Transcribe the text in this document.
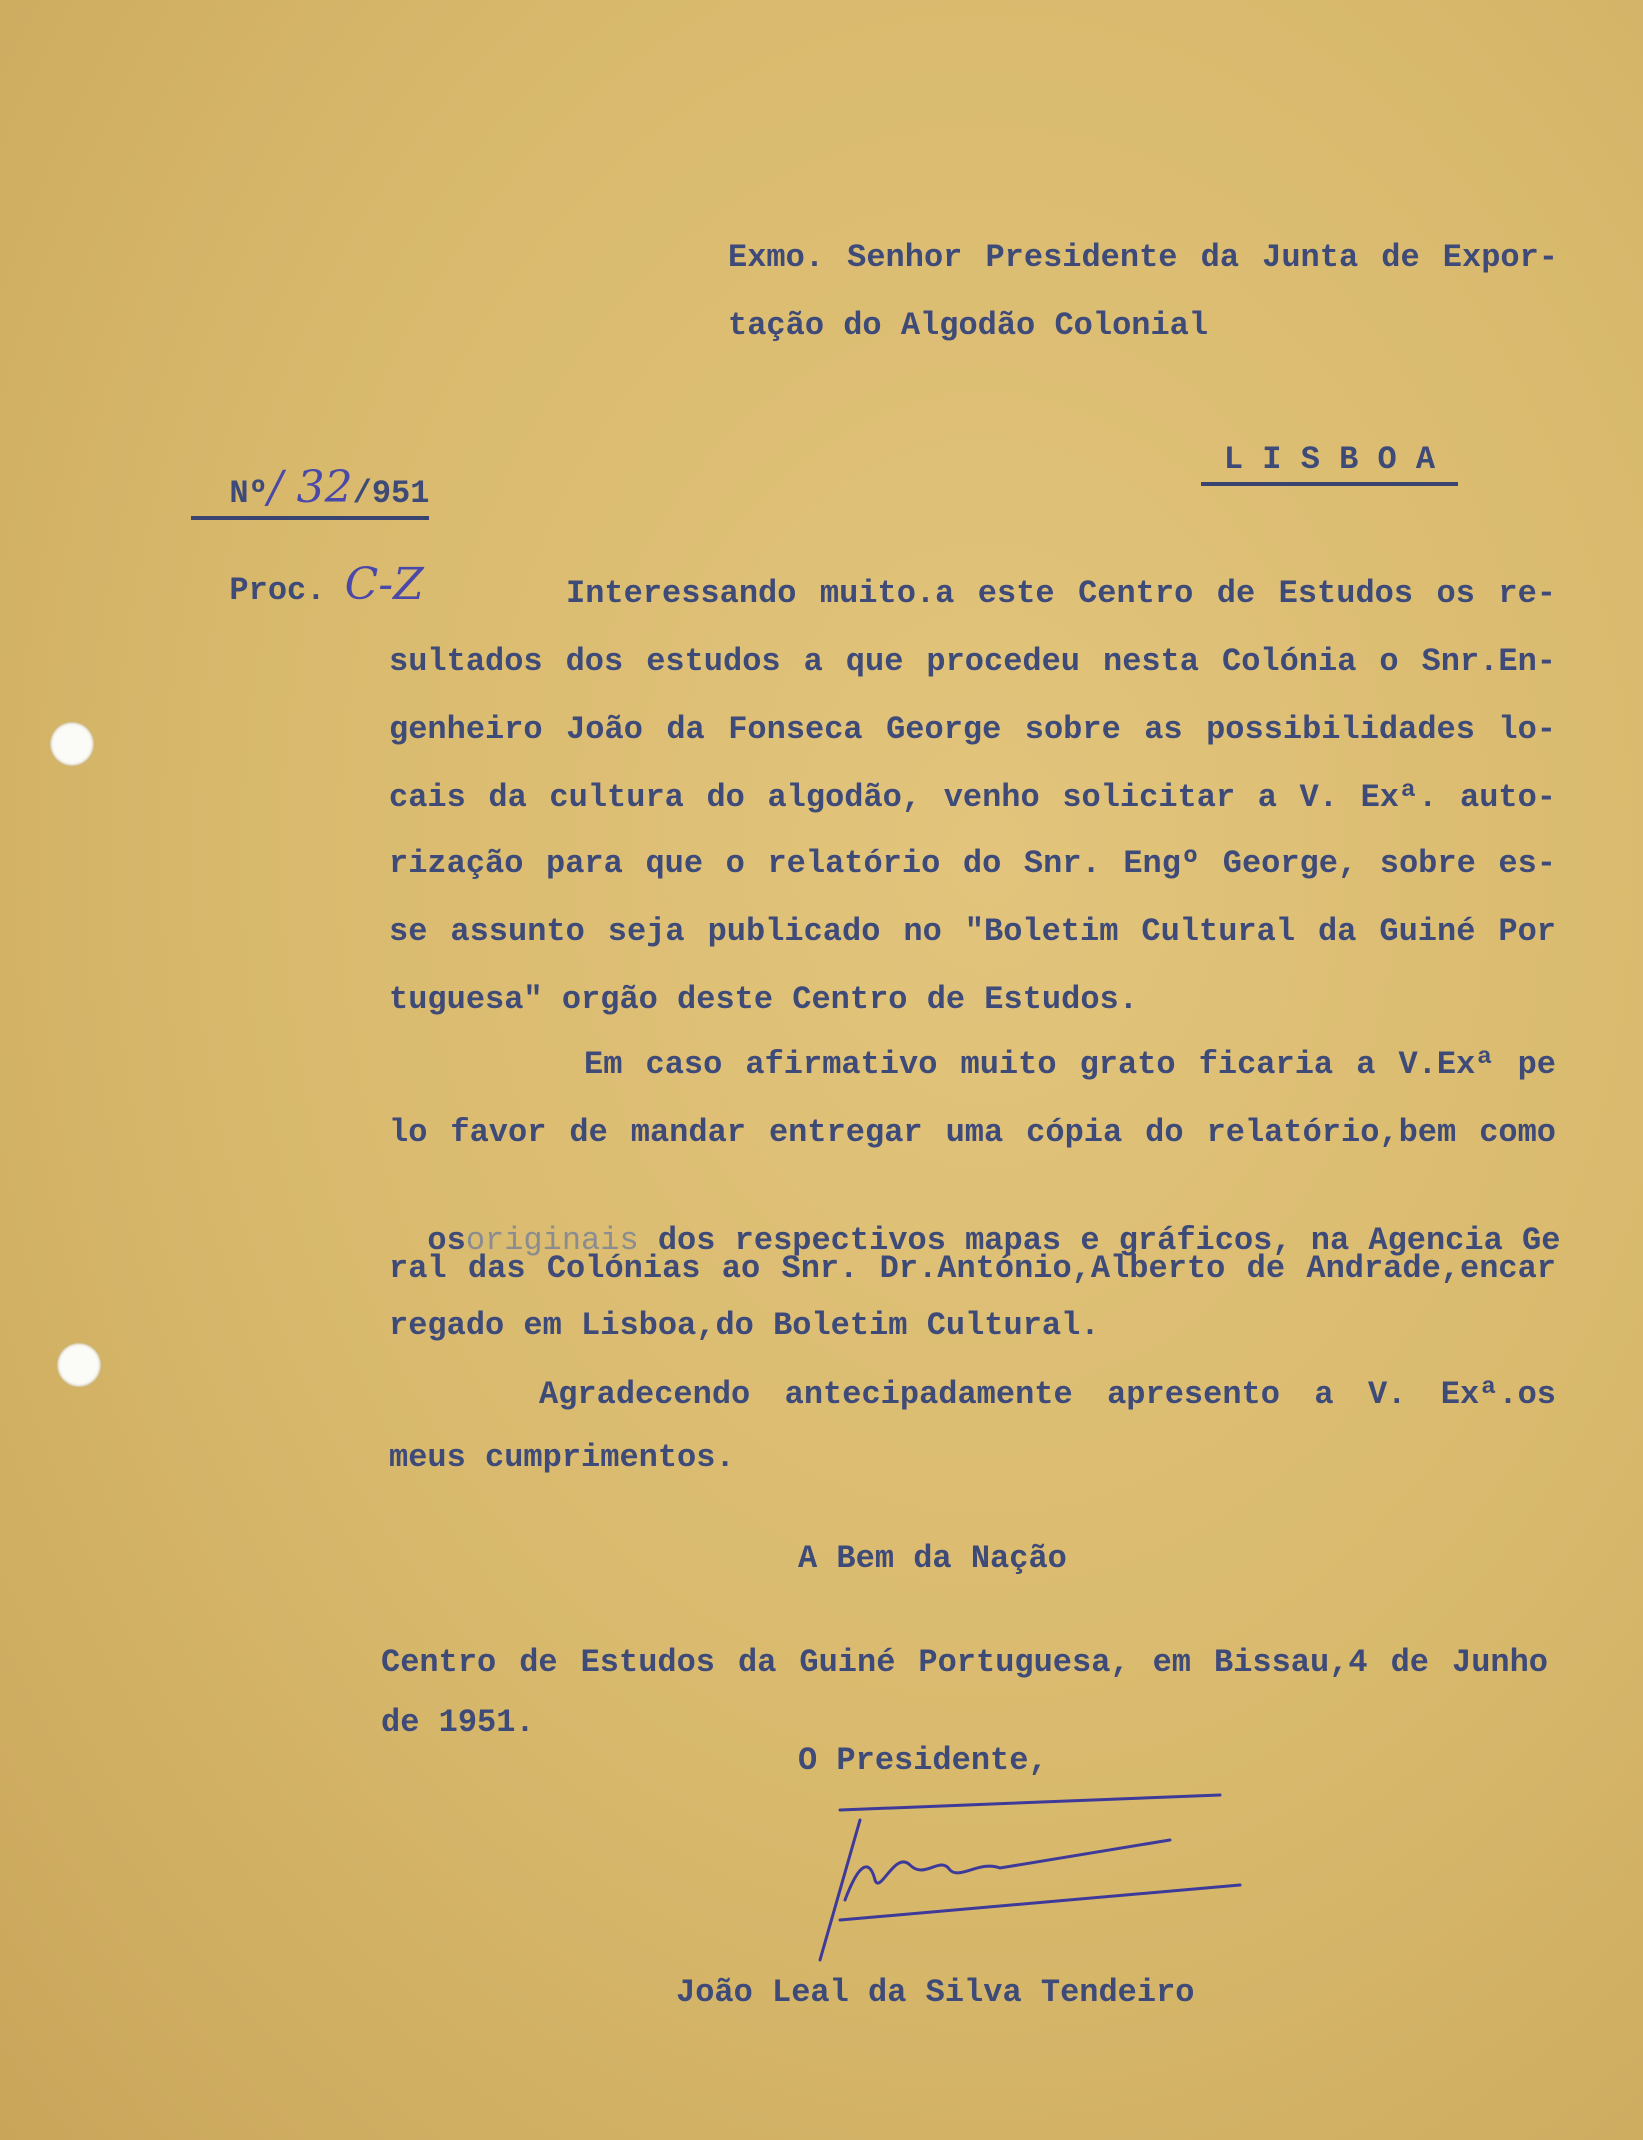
Exmo. Senhor Presidente da Junta de Expor-
tação do Algodão Colonial

Nº/ 32/951

L I S B O A

Proc. C-Z	Interessando muito.a este Centro de Estudos os re-
sultados dos estudos a que procedeu nesta Colónia o Snr.En-
genheiro João da Fonseca George sobre as possibilidades lo-
cais da cultura do algodão, venho solicitar a V. Exª. auto-
rização para que o relatório do Snr. Engº George, sobre es-
se assunto seja publicado no "Boletim Cultural da Guiné Por
tuguesa" orgão deste Centro de Estudos.
Em caso afirmativo muito grato ficaria a V.Exª pe
lo favor de mandar entregar uma cópia do relatório,bem como

osoriginais dos respectivos mapas e gráficos, na Agencia Ge

ral das Colónias ao Snr. Dr.António,Alberto de Andrade,encar
regado em Lisboa,do Boletim Cultural.
Agradecendo antecipadamente apresento a V. Exª.os
meus cumprimentos.
A Bem da Nação
Centro de Estudos da Guiné Portuguesa, em Bissau,4 de Junho
de 1951.
O Presidente,
João Leal da Silva Tendeiro
